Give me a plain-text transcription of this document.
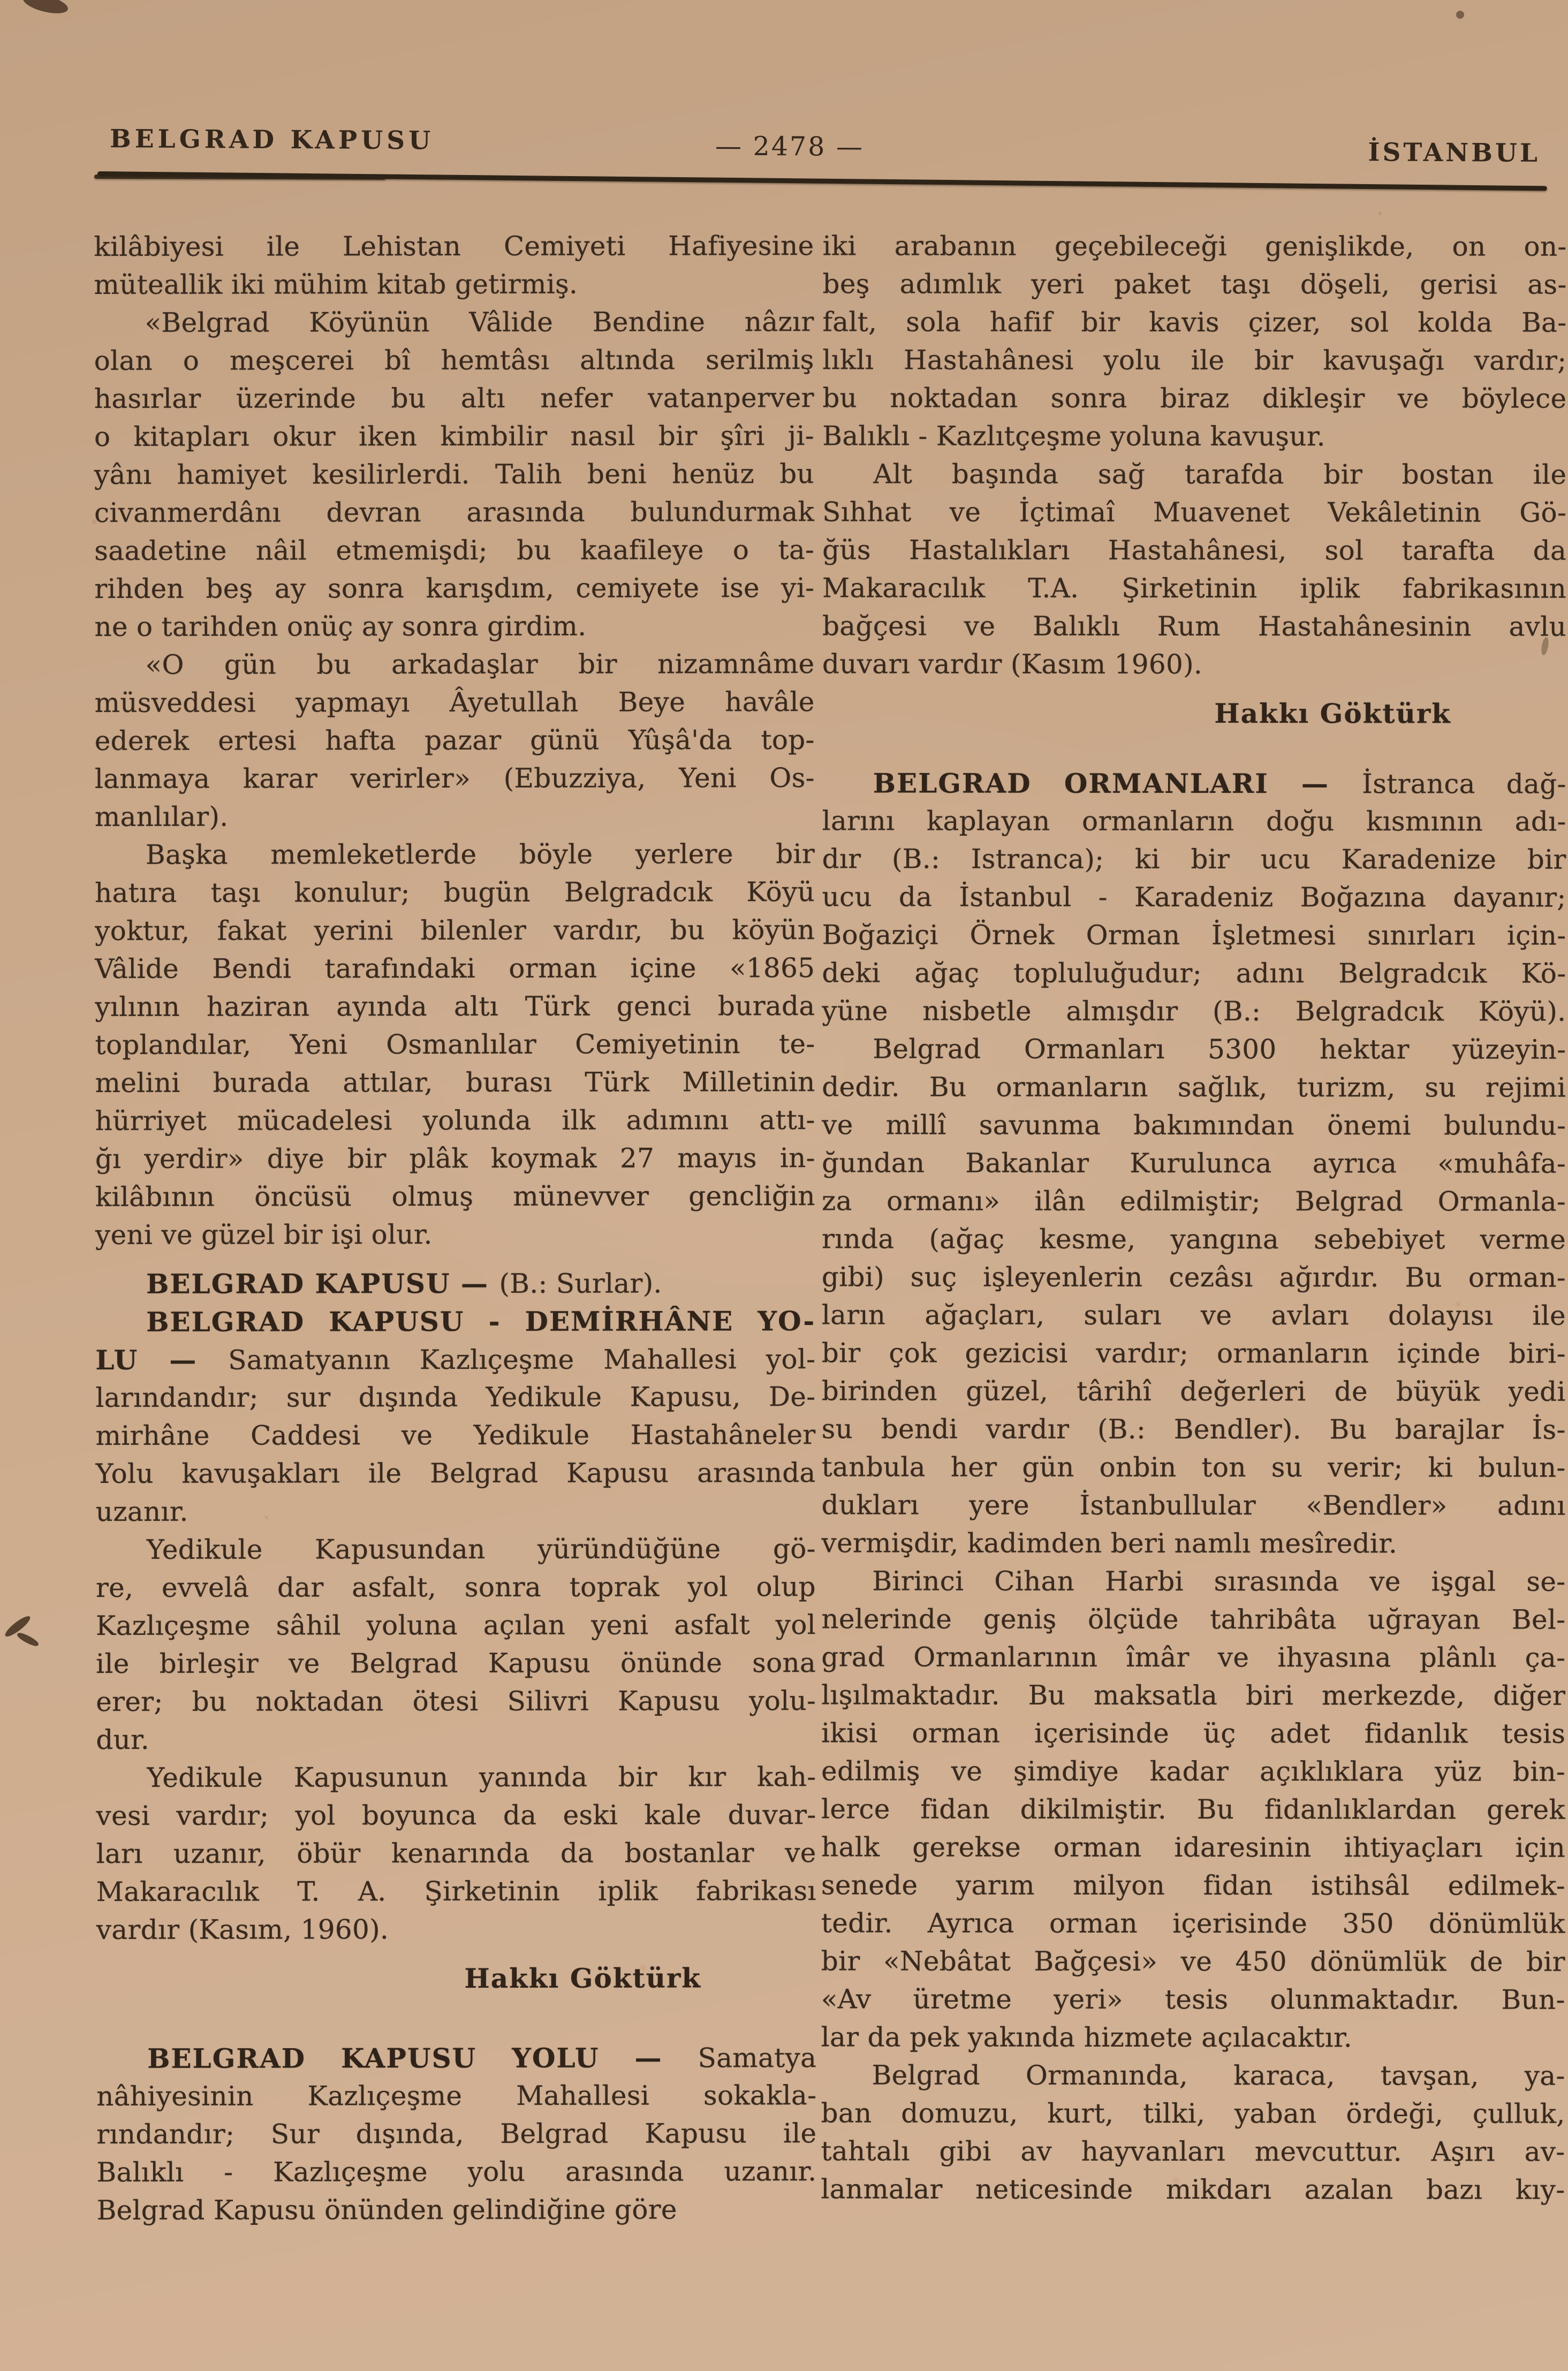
BELGRAD KAPUSU	— 2478 —	İSTANBUL
kilâbiyesi ile Lehistan Cemiyeti Hafiyesine
müteallik iki mühim kitab getirmiş.
«Belgrad Köyünün Vâlide Bendine nâzır
olan o meşcerei bî hemtâsı altında serilmiş
hasırlar üzerinde bu altı nefer vatanperver
o kitapları okur iken kimbilir nasıl bir şîri ji-
yânı hamiyet kesilirlerdi. Talih beni henüz bu
civanmerdânı devran arasında bulundurmak
saadetine nâil etmemişdi; bu kaafileye o ta-
rihden beş ay sonra karışdım, cemiyete ise yi-
ne o tarihden onüç ay sonra girdim.
«O gün bu arkadaşlar bir nizamnâme
müsveddesi yapmayı Âyetullah Beye havâle
ederek ertesi hafta pazar günü Yûşâ'da top-
lanmaya karar verirler» (Ebuzziya, Yeni Os-
manlılar).
Başka memleketlerde böyle yerlere bir
hatıra taşı konulur; bugün Belgradcık Köyü
yoktur, fakat yerini bilenler vardır, bu köyün
Vâlide Bendi tarafındaki orman içine «1865
yılının haziran ayında altı Türk genci burada
toplandılar, Yeni Osmanlılar Cemiyetinin te-
melini burada attılar, burası Türk Milletinin
hürriyet mücadelesi yolunda ilk adımını attı-
ğı yerdir» diye bir plâk koymak 27 mayıs in-
kilâbının öncüsü olmuş münevver gencliğin
yeni ve güzel bir işi olur.
BELGRAD KAPUSU — (B.: Surlar).
BELGRAD KAPUSU - DEMİRHÂNE YO-
LU — Samatyanın Kazlıçeşme Mahallesi yol-
larındandır; sur dışında Yedikule Kapusu, De-
mirhâne Caddesi ve Yedikule Hastahâneler
Yolu kavuşakları ile Belgrad Kapusu arasında
uzanır.
Yedikule Kapusundan yüründüğüne gö-
re, evvelâ dar asfalt, sonra toprak yol olup
Kazlıçeşme sâhil yoluna açılan yeni asfalt yol
ile birleşir ve Belgrad Kapusu önünde sona
erer; bu noktadan ötesi Silivri Kapusu yolu-
dur.
Yedikule Kapusunun yanında bir kır kah-
vesi vardır; yol boyunca da eski kale duvar-
ları uzanır, öbür kenarında da bostanlar ve
Makaracılık T. A. Şirketinin iplik fabrikası
vardır (Kasım, 1960).
Hakkı Göktürk
BELGRAD KAPUSU YOLU — Samatya
nâhiyesinin Kazlıçeşme Mahallesi sokakla-
rındandır; Sur dışında, Belgrad Kapusu ile
Balıklı - Kazlıçeşme yolu arasında uzanır.
Belgrad Kapusu önünden gelindiğine göre
iki arabanın geçebileceği genişlikde, on on-
beş adımlık yeri paket taşı döşeli, gerisi as-
falt, sola hafif bir kavis çizer, sol kolda Ba-
lıklı Hastahânesi yolu ile bir kavuşağı vardır;
bu noktadan sonra biraz dikleşir ve böylece
Balıklı - Kazlıtçeşme yoluna kavuşur.
Alt başında sağ tarafda bir bostan ile
Sıhhat ve İçtimaî Muavenet Vekâletinin Gö-
ğüs Hastalıkları Hastahânesi, sol tarafta da
Makaracılık T.A. Şirketinin iplik fabrikasının
bağçesi ve Balıklı Rum Hastahânesinin avlu
duvarı vardır (Kasım 1960).
Hakkı Göktürk
BELGRAD ORMANLARI — İstranca dağ-
larını kaplayan ormanların doğu kısmının adı-
dır (B.: Istranca); ki bir ucu Karadenize bir
ucu da İstanbul - Karadeniz Boğazına dayanır;
Boğaziçi Örnek Orman İşletmesi sınırları için-
deki ağaç topluluğudur; adını Belgradcık Kö-
yüne nisbetle almışdır (B.: Belgradcık Köyü).
Belgrad Ormanları 5300 hektar yüzeyin-
dedir. Bu ormanların sağlık, turizm, su rejimi
ve millî savunma bakımından önemi bulundu-
ğundan Bakanlar Kurulunca ayrıca «muhâfa-
za ormanı» ilân edilmiştir; Belgrad Ormanla-
rında (ağaç kesme, yangına sebebiyet verme
gibi) suç işleyenlerin cezâsı ağırdır. Bu orman-
ların ağaçları, suları ve avları dolayısı ile
bir çok gezicisi vardır; ormanların içinde biri-
birinden güzel, târihî değerleri de büyük yedi
su bendi vardır (B.: Bendler). Bu barajlar İs-
tanbula her gün onbin ton su verir; ki bulun-
dukları yere İstanbullular «Bendler» adını
vermişdir, kadimden beri namlı mesîredir.
Birinci Cihan Harbi sırasında ve işgal se-
nelerinde geniş ölçüde tahribâta uğrayan Bel-
grad Ormanlarının îmâr ve ihyasına plânlı ça-
lışılmaktadır. Bu maksatla biri merkezde, diğer
ikisi orman içerisinde üç adet fidanlık tesis
edilmiş ve şimdiye kadar açıklıklara yüz bin-
lerce fidan dikilmiştir. Bu fidanlıklardan gerek
halk gerekse orman idaresinin ihtiyaçları için
senede yarım milyon fidan istihsâl edilmek-
tedir. Ayrıca orman içerisinde 350 dönümlük
bir «Nebâtat Bağçesi» ve 450 dönümlük de bir
«Av üretme yeri» tesis olunmaktadır. Bun-
lar da pek yakında hizmete açılacaktır.
Belgrad Ormanında, karaca, tavşan, ya-
ban domuzu, kurt, tilki, yaban ördeği, çulluk,
tahtalı gibi av hayvanları mevcuttur. Aşırı av-
lanmalar neticesinde mikdarı azalan bazı kıy-
